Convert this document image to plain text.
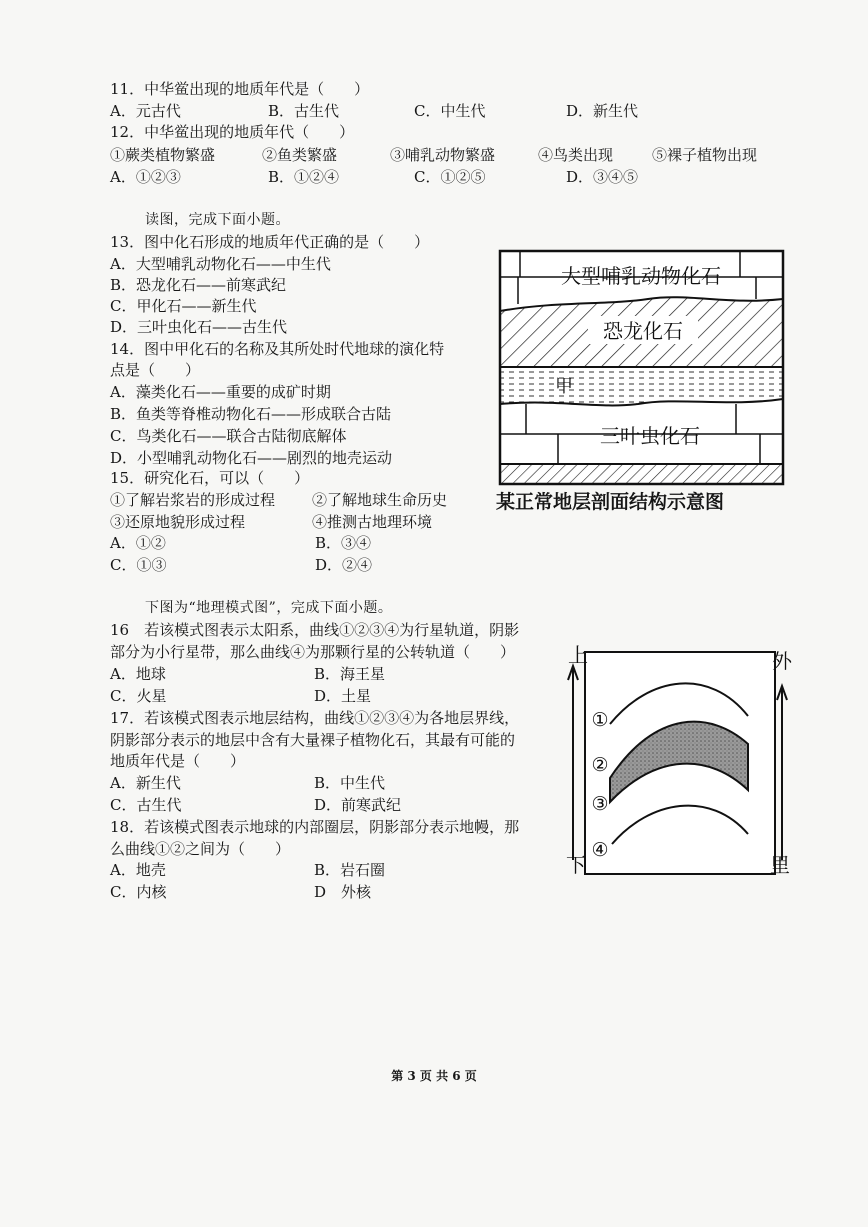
11．中华鲎出现的地质年代是（　　）
A．元古代	B．古生代	C．中生代	D．新生代
12．中华鲎出现的地质年代（　　）
①蕨类植物繁盛	②鱼类繁盛	③哺乳动物繁盛	④鸟类出现	⑤裸子植物出现
A．①②③	B．①②④	C．①②⑤	D．③④⑤
读图，完成下面小题。
13．图中化石形成的地质年代正确的是（　　）
A．大型哺乳动物化石——中生代
B．恐龙化石——前寒武纪
C．甲化石——新生代
D．三叶虫化石——古生代
14．图中甲化石的名称及其所处时代地球的演化特
点是（　　）
A．藻类化石——重要的成矿时期
B．鱼类等脊椎动物化石——形成联合古陆
C．鸟类化石——联合古陆彻底解体
D．小型哺乳动物化石——剧烈的地壳运动
15．研究化石，可以（　　）
①了解岩浆岩的形成过程 ②了解地球生命历史
③还原地貌形成过程	④推测古地理环境
A．①②	B．③④
C．①③	D．②④
大型哺乳动物化石
恐龙化石
甲
三叶虫化石
某正常地层剖面结构示意图
下图为“地理模式图”，完成下面小题。
16　若该模式图表示太阳系，曲线①②③④为行星轨道，阴影
部分为小行星带，那么曲线④为那颗行星的公转轨道（　　）
A．地球	B．海王星
C．火星	D．土星
17．若该模式图表示地层结构，曲线①②③④为各地层界线，
阴影部分表示的地层中含有大量裸子植物化石，其最有可能的
地质年代是（　　）
A．新生代	B．中生代
C．古生代	D．前寒武纪
18．若该模式图表示地球的内部圈层，阴影部分表示地幔，那
么曲线①②之间为（　　）
A．地壳	B．岩石圈
C．内核	D　外核
①
②
③
④
上
下
外
里
第 3 页 共 6 页
